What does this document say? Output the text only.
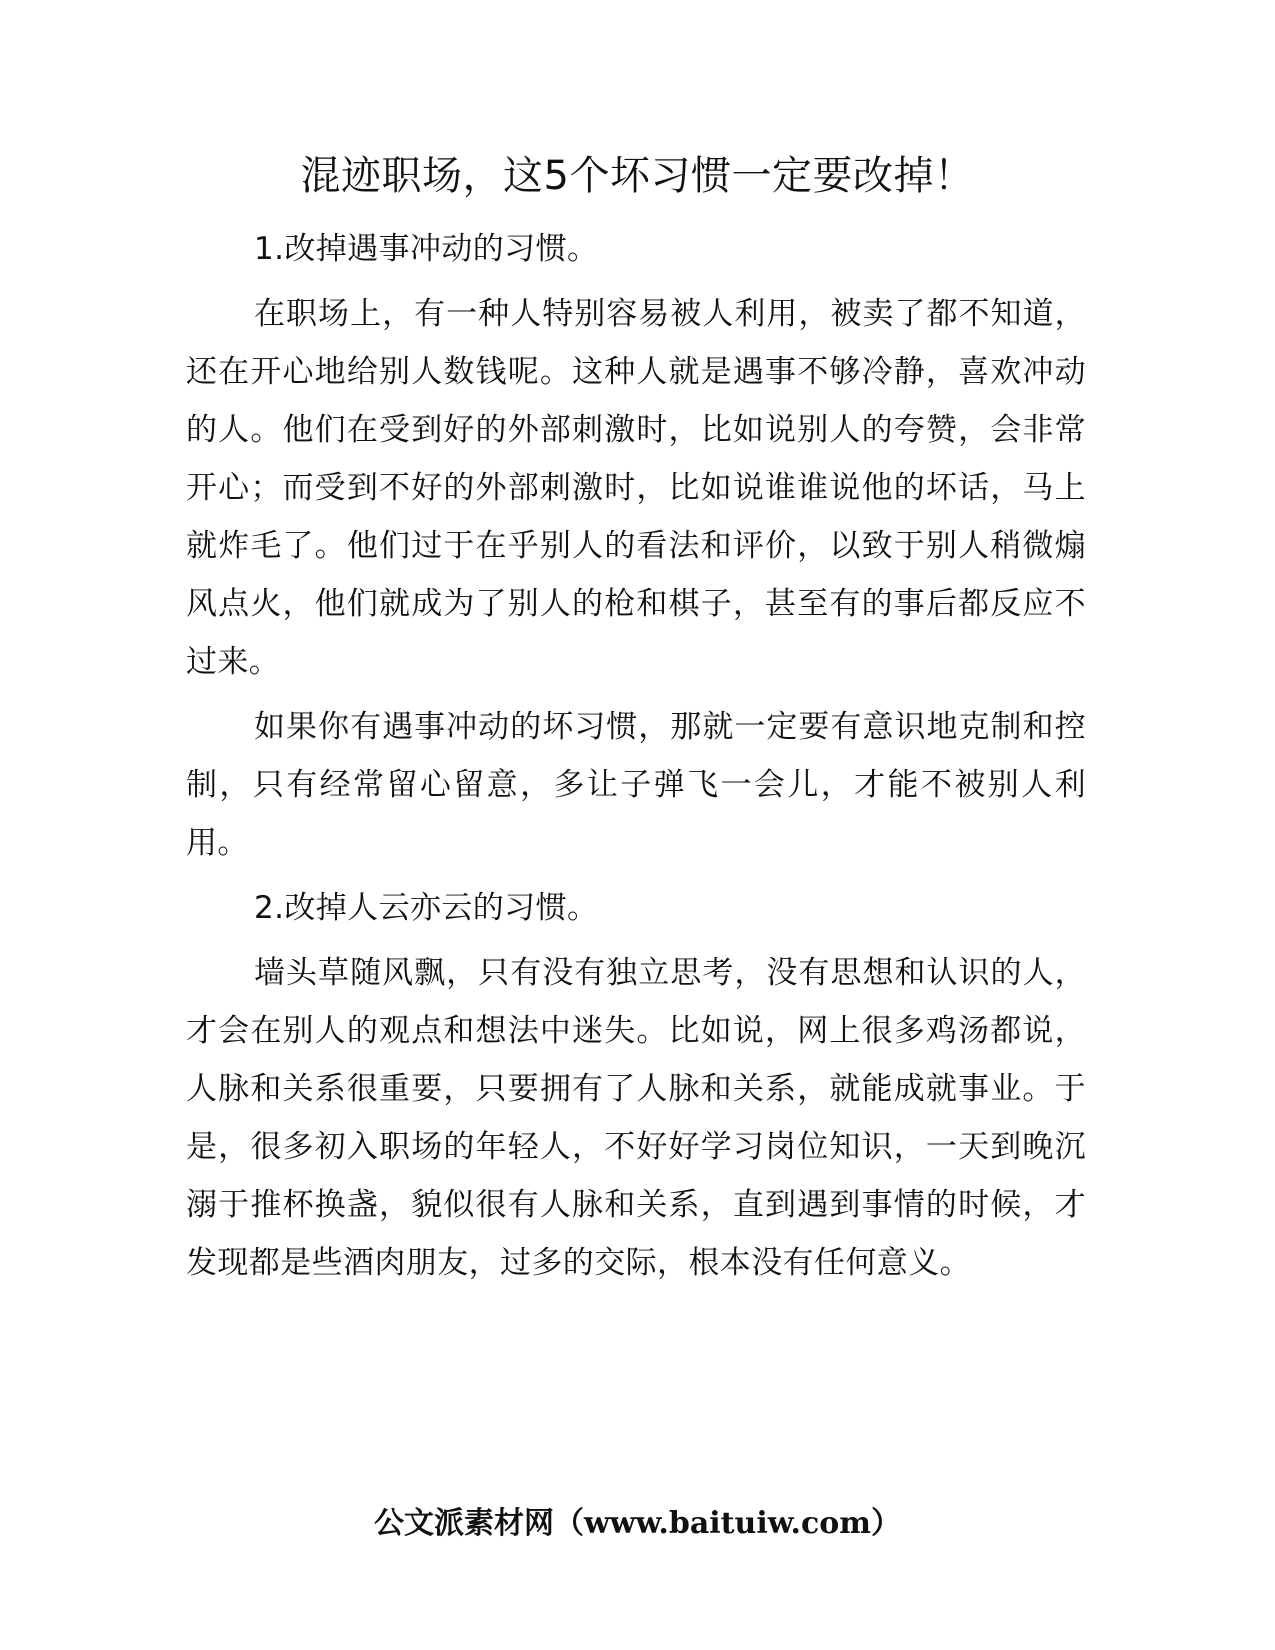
混迹职场，这5个坏习惯一定要改掉！

1.改掉遇事冲动的习惯。

在职场上，有一种人特别容易被人利用，被卖了都不知道，还在开心地给别人数钱呢。这种人就是遇事不够冷静，喜欢冲动的人。他们在受到好的外部刺激时，比如说别人的夸赞，会非常开心；而受到不好的外部刺激时，比如说谁谁说他的坏话，马上就炸毛了。他们过于在乎别人的看法和评价，以致于别人稍微煽风点火，他们就成为了别人的枪和棋子，甚至有的事后都反应不过来。

如果你有遇事冲动的坏习惯，那就一定要有意识地克制和控制，只有经常留心留意，多让子弹飞一会儿，才能不被别人利用。

2.改掉人云亦云的习惯。

墙头草随风飘，只有没有独立思考，没有思想和认识的人，才会在别人的观点和想法中迷失。比如说，网上很多鸡汤都说，人脉和关系很重要，只要拥有了人脉和关系，就能成就事业。于是，很多初入职场的年轻人，不好好学习岗位知识，一天到晚沉溺于推杯换盏，貌似很有人脉和关系，直到遇到事情的时候，才发现都是些酒肉朋友，过多的交际，根本没有任何意义。

公文派素材网（www.baituiw.com）
